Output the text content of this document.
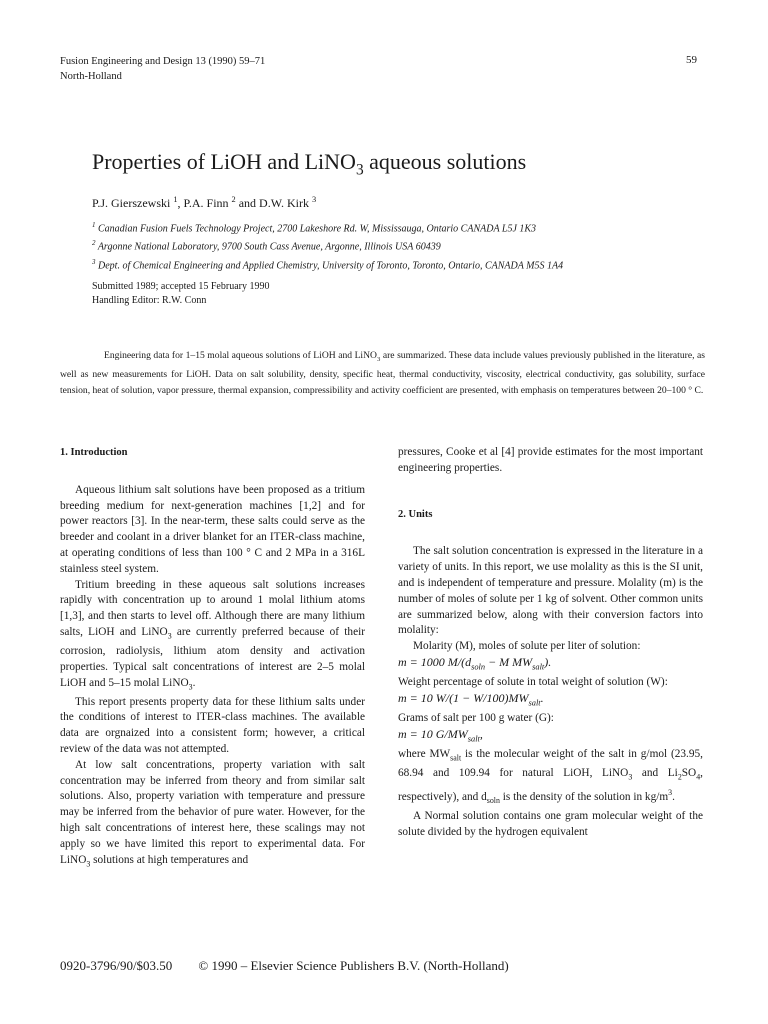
Fusion Engineering and Design 13 (1990) 59–71
North-Holland
59
Properties of LiOH and LiNO$_3$ aqueous solutions
P.J. Gierszewski $^1$, P.A. Finn $^2$ and D.W. Kirk $^3$
$^1$ Canadian Fusion Fuels Technology Project, 2700 Lakeshore Rd. W, Mississauga, Ontario CANADA L5J 1K3
$^2$ Argonne National Laboratory, 9700 South Cass Avenue, Argonne, Illinois USA 60439
$^3$ Dept. of Chemical Engineering and Applied Chemistry, University of Toronto, Toronto, Ontario, CANADA M5S 1A4
Submitted 1989; accepted 15 February 1990
Handling Editor: R.W. Conn
Engineering data for 1–15 molal aqueous solutions of LiOH and LiNO$_3$ are summarized. These data include values previously published in the literature, as well as new measurements for LiOH. Data on salt solubility, density, specific heat, thermal conductivity, viscosity, electrical conductivity, gas solubility, surface tension, heat of solution, vapor pressure, thermal expansion, compressibility and activity coefficient are presented, with emphasis on temperatures between 20–100 ° C.

1. Introduction

Aqueous lithium salt solutions have been proposed as a tritium breeding medium for next-generation machines [1,2] and for power reactors [3]. In the near-term, these salts could serve as the breeder and coolant in a driver blanket for an ITER-class machine, at operating conditions of less than 100 ° C and 2 MPa in a 316L stainless steel system.

Tritium breeding in these aqueous salt solutions increases rapidly with concentration up to around 1 molal lithium atoms [1,3], and then starts to level off. Although there are many lithium salts, LiOH and LiNO$_3$ are currently preferred because of their corrosion, radiolysis, lithium atom density and activation properties. Typical salt concentrations of interest are 2–5 molal LiOH and 5–15 molal LiNO$_3$.

This report presents property data for these lithium salts under the conditions of interest to ITER-class machines. The available data are orgnaized into a consistent form; however, a critical review of the data was not attempted.

At low salt concentrations, property variation with salt concentration may be inferred from theory and from similar salt solutions. Also, property variation with temperature and pressure may be inferred from the behavior of pure water. However, for the high salt concentrations of interest here, these scalings may not apply so we have limited this report to experimental data. For LiNO$_3$ solutions at high temperatures and

pressures, Cooke et al [4] provide estimates for the most important engineering properties.

2. Units

The salt solution concentration is expressed in the literature in a variety of units. In this report, we use molality as this is the SI unit, and is independent of temperature and pressure. Molality (m) is the number of moles of solute per 1 kg of solvent. Other common units are summarized below, along with their conversion factors into molality:

Molarity (M), moles of solute per liter of solution:

m = 1000 $M/(d_{soln} - M$ $MW_{salt}$).

Weight percentage of solute in total weight of solution (W):

m = 10 $W/(1 - W/100)MW_{salt}$.

Grams of salt per 100 g water (G):

m = 10 $G/MW_{salt}$,

where $MW_{salt}$ is the molecular weight of the salt in g/mol (23.95, 68.94 and 109.94 for natural LiOH, LiNO$_3$ and $Li_2SO_4$, respectively), and $d_{soln}$ is the density of the solution in $kg/m^3$.

A Normal solution contains one gram molecular weight of the solute divided by the hydrogen equivalent

0920-3796/90/$03.50 © 1990 – Elsevier Science Publishers B.V. (North-Holland)
